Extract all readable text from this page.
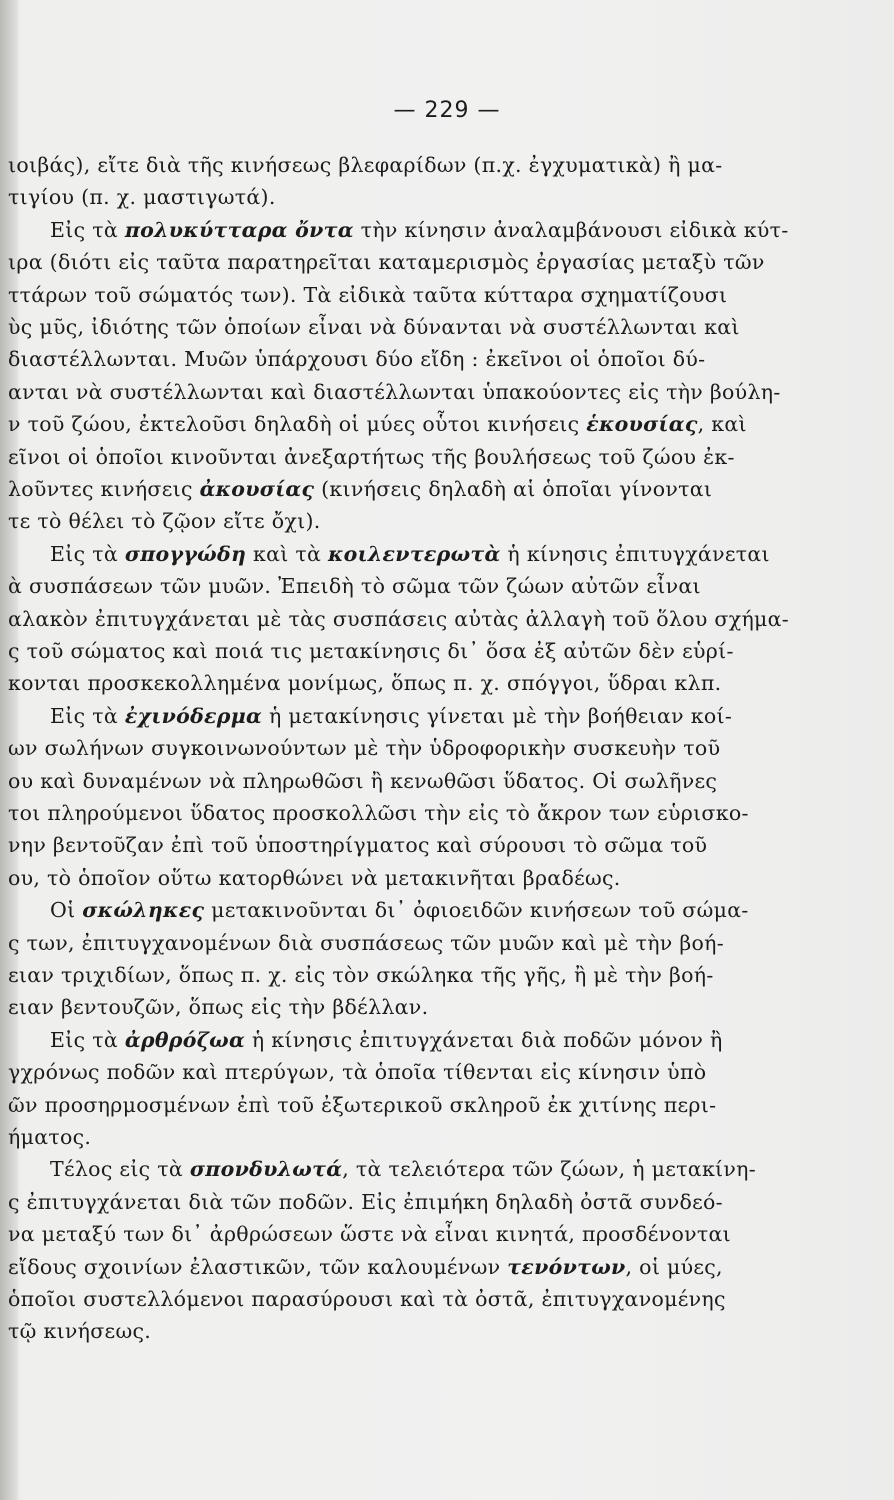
— 229 —
ιοιβάς), εἴτε διὰ τῆς κινήσεως βλεφαρίδων (π.χ. ἐγχυματικὰ) ἢ μα-
τιγίου (π. χ. μαστιγωτά).
Εἰς τὰ πολυκύτταρα ὄντα τὴν κίνησιν ἀναλαμβάνουσι εἰδικὰ κύτ-
ιρα (διότι εἰς ταῦτα παρατηρεῖται καταμερισμὸς ἐργασίας μεταξὺ τῶν
ττάρων τοῦ σώματός των). Τὰ εἰδικὰ ταῦτα κύτταρα σχηματίζουσι
ὺς μῦς, ἰδιότης τῶν ὁποίων εἶναι νὰ δύνανται νὰ συστέλλωνται καὶ
διαστέλλωνται. Μυῶν ὑπάρχουσι δύο εἴδη : ἐκεῖνοι οἱ ὁποῖοι δύ-
ανται νὰ συστέλλωνται καὶ διαστέλλωνται ὑπακούοντες εἰς τὴν βούλη-
ν τοῦ ζώου, ἐκτελοῦσι δηλαδὴ οἱ μύες οὗτοι κινήσεις ἑκουσίας, καὶ
εῖνοι οἱ ὁποῖοι κινοῦνται ἀνεξαρτήτως τῆς βουλήσεως τοῦ ζώου ἐκ-
λοῦντες κινήσεις ἀκουσίας (κινήσεις δηλαδὴ αἱ ὁποῖαι γίνονται
τε τὸ θέλει τὸ ζῷον εἴτε ὄχι).
Εἰς τὰ σπογγώδη καὶ τὰ κοιλεντερωτὰ ἡ κίνησις ἐπιτυγχάνεται
ὰ συσπάσεων τῶν μυῶν. Ἐπειδὴ τὸ σῶμα τῶν ζώων αὐτῶν εἶναι
αλακὸν ἐπιτυγχάνεται μὲ τὰς συσπάσεις αὐτὰς ἀλλαγὴ τοῦ ὅλου σχήμα-
ς τοῦ σώματος καὶ ποιά τις μετακίνησις δι᾽ ὅσα ἐξ αὐτῶν δὲν εὑρί-
κονται προσκεκολλημένα μονίμως, ὅπως π. χ. σπόγγοι, ὕδραι κλπ.
Εἰς τὰ ἐχινόδερμα ἡ μετακίνησις γίνεται μὲ τὴν βοήθειαν κοί-
ων σωλήνων συγκοινωνούντων μὲ τὴν ὑδροφορικὴν συσκευὴν τοῦ
ου καὶ δυναμένων νὰ πληρωθῶσι ἢ κενωθῶσι ὕδατος. Οἱ σωλῆνες
τοι πληρούμενοι ὕδατος προσκολλῶσι τὴν εἰς τὸ ἄκρον των εὑρισκο-
νην βεντοῦζαν ἐπὶ τοῦ ὑποστηρίγματος καὶ σύρουσι τὸ σῶμα τοῦ
ου, τὸ ὁποῖον οὕτω κατορθώνει νὰ μετακινῆται βραδέως.
Οἱ σκώληκες μετακινοῦνται δι᾽ ὀφιοειδῶν κινήσεων τοῦ σώμα-
ς των, ἐπιτυγχανομένων διὰ συσπάσεως τῶν μυῶν καὶ μὲ τὴν βοή-
ειαν τριχιδίων, ὅπως π. χ. εἰς τὸν σκώληκα τῆς γῆς, ἢ μὲ τὴν βοή-
ειαν βεντουζῶν, ὅπως εἰς τὴν βδέλλαν.
Εἰς τὰ ἀρθρόζωα ἡ κίνησις ἐπιτυγχάνεται διὰ ποδῶν μόνον ἢ
γχρόνως ποδῶν καὶ πτερύγων, τὰ ὁποῖα τίθενται εἰς κίνησιν ὑπὸ
ῶν προσηρμοσμένων ἐπὶ τοῦ ἐξωτερικοῦ σκληροῦ ἐκ χιτίνης περι-
ήματος.
Τέλος εἰς τὰ σπονδυλωτά, τὰ τελειότερα τῶν ζώων, ἡ μετακίνη-
ς ἐπιτυγχάνεται διὰ τῶν ποδῶν. Εἰς ἐπιμήκη δηλαδὴ ὀστᾶ συνδεό-
να μεταξύ των δι᾽ ἀρθρώσεων ὥστε νὰ εἶναι κινητά, προσδένονται
εἴδους σχοινίων ἐλαστικῶν, τῶν καλουμένων τενόντων, οἱ μύες,
ὁποῖοι συστελλόμενοι παρασύρουσι καὶ τὰ ὀστᾶ, ἐπιτυγχανομένης
τῷ κινήσεως.
